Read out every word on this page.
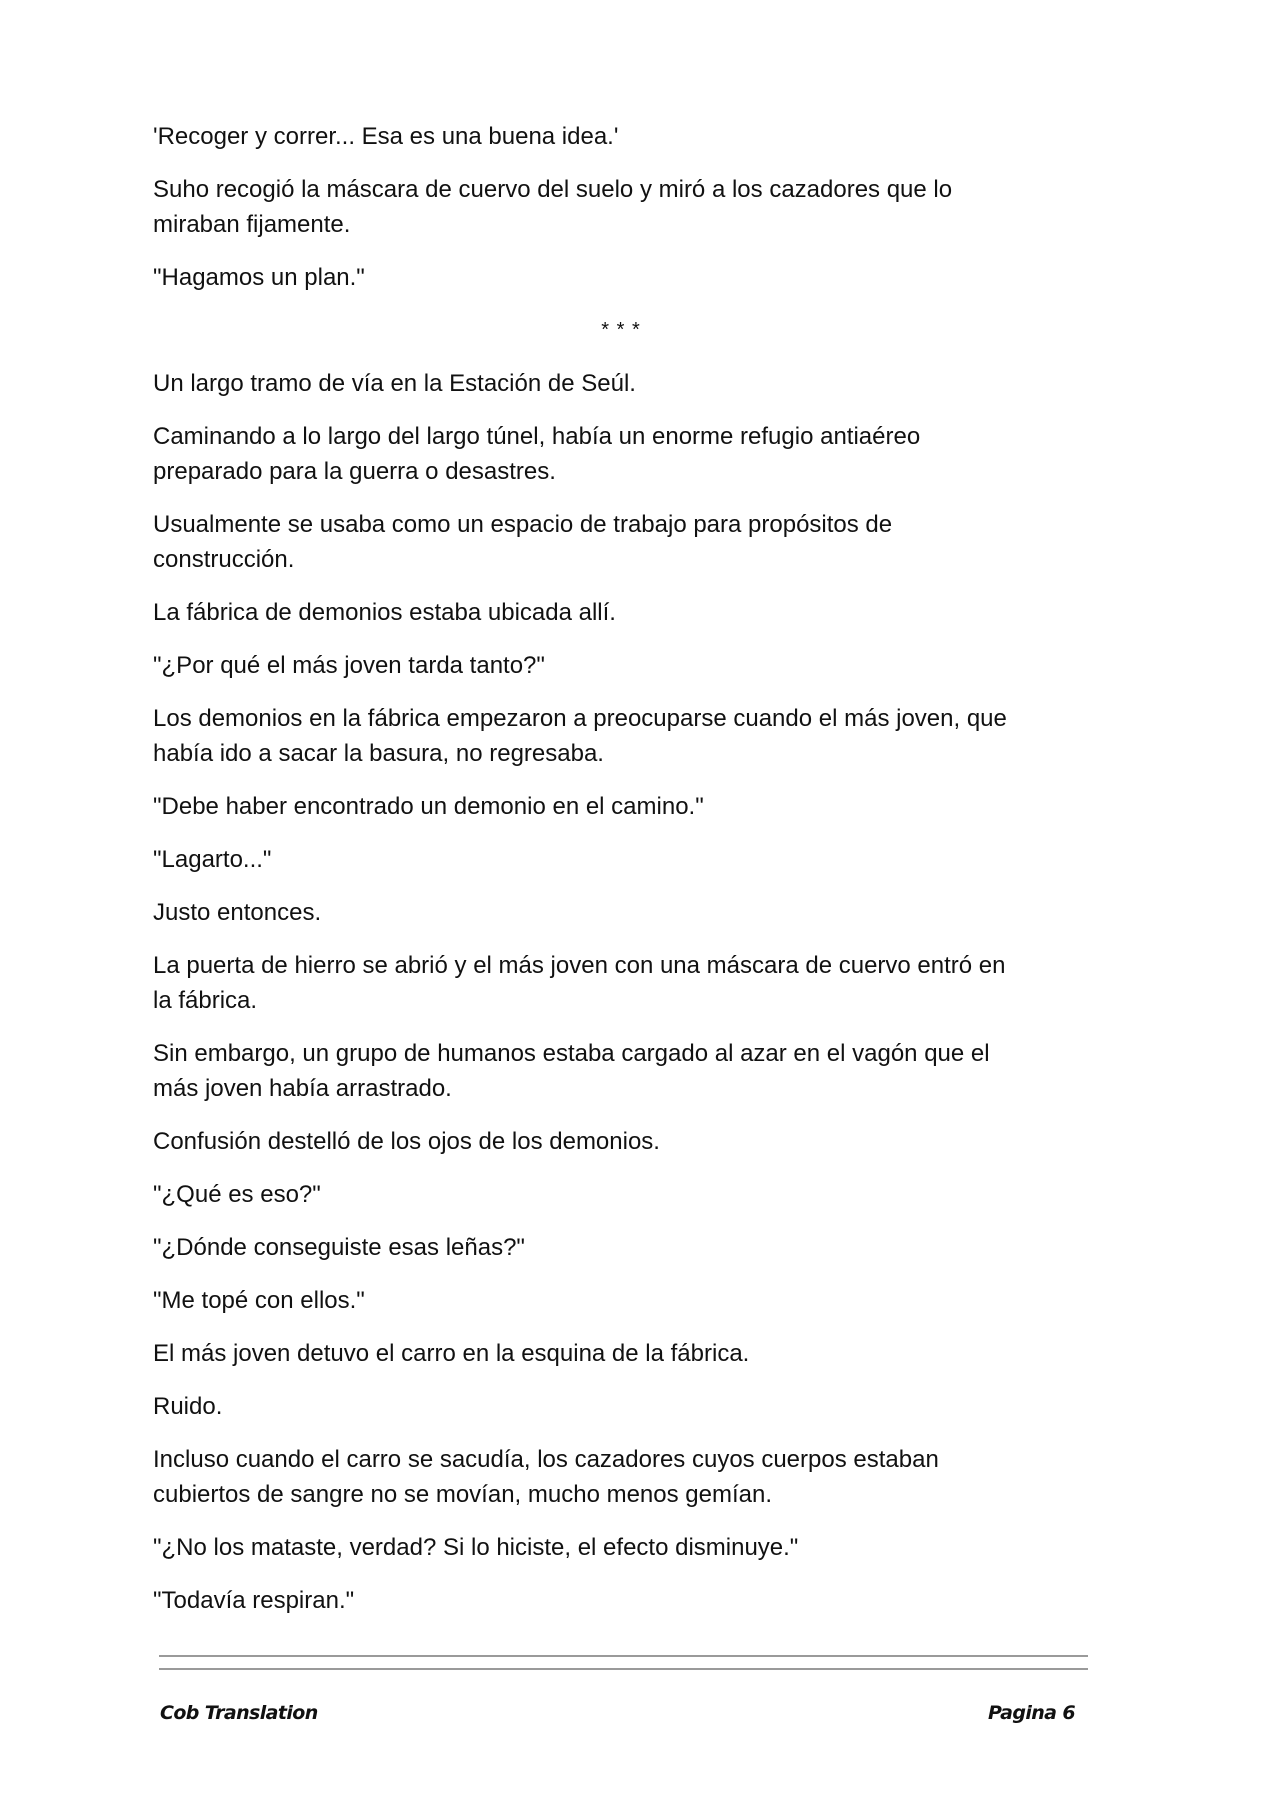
'Recoger y correr... Esa es una buena idea.'

Suho recogió la máscara de cuervo del suelo y miró a los cazadores que lo
miraban fijamente.

"Hagamos un plan."

* * *

Un largo tramo de vía en la Estación de Seúl.

Caminando a lo largo del largo túnel, había un enorme refugio antiaéreo
preparado para la guerra o desastres.

Usualmente se usaba como un espacio de trabajo para propósitos de
construcción.

La fábrica de demonios estaba ubicada allí.

"¿Por qué el más joven tarda tanto?"

Los demonios en la fábrica empezaron a preocuparse cuando el más joven, que
había ido a sacar la basura, no regresaba.

"Debe haber encontrado un demonio en el camino."

"Lagarto..."

Justo entonces.

La puerta de hierro se abrió y el más joven con una máscara de cuervo entró en
la fábrica.

Sin embargo, un grupo de humanos estaba cargado al azar en el vagón que el
más joven había arrastrado.

Confusión destelló de los ojos de los demonios.

"¿Qué es eso?"

"¿Dónde conseguiste esas leñas?"

"Me topé con ellos."

El más joven detuvo el carro en la esquina de la fábrica.

Ruido.

Incluso cuando el carro se sacudía, los cazadores cuyos cuerpos estaban
cubiertos de sangre no se movían, mucho menos gemían.

"¿No los mataste, verdad? Si lo hiciste, el efecto disminuye."

"Todavía respiran."

Cob Translation	Pagina 6
